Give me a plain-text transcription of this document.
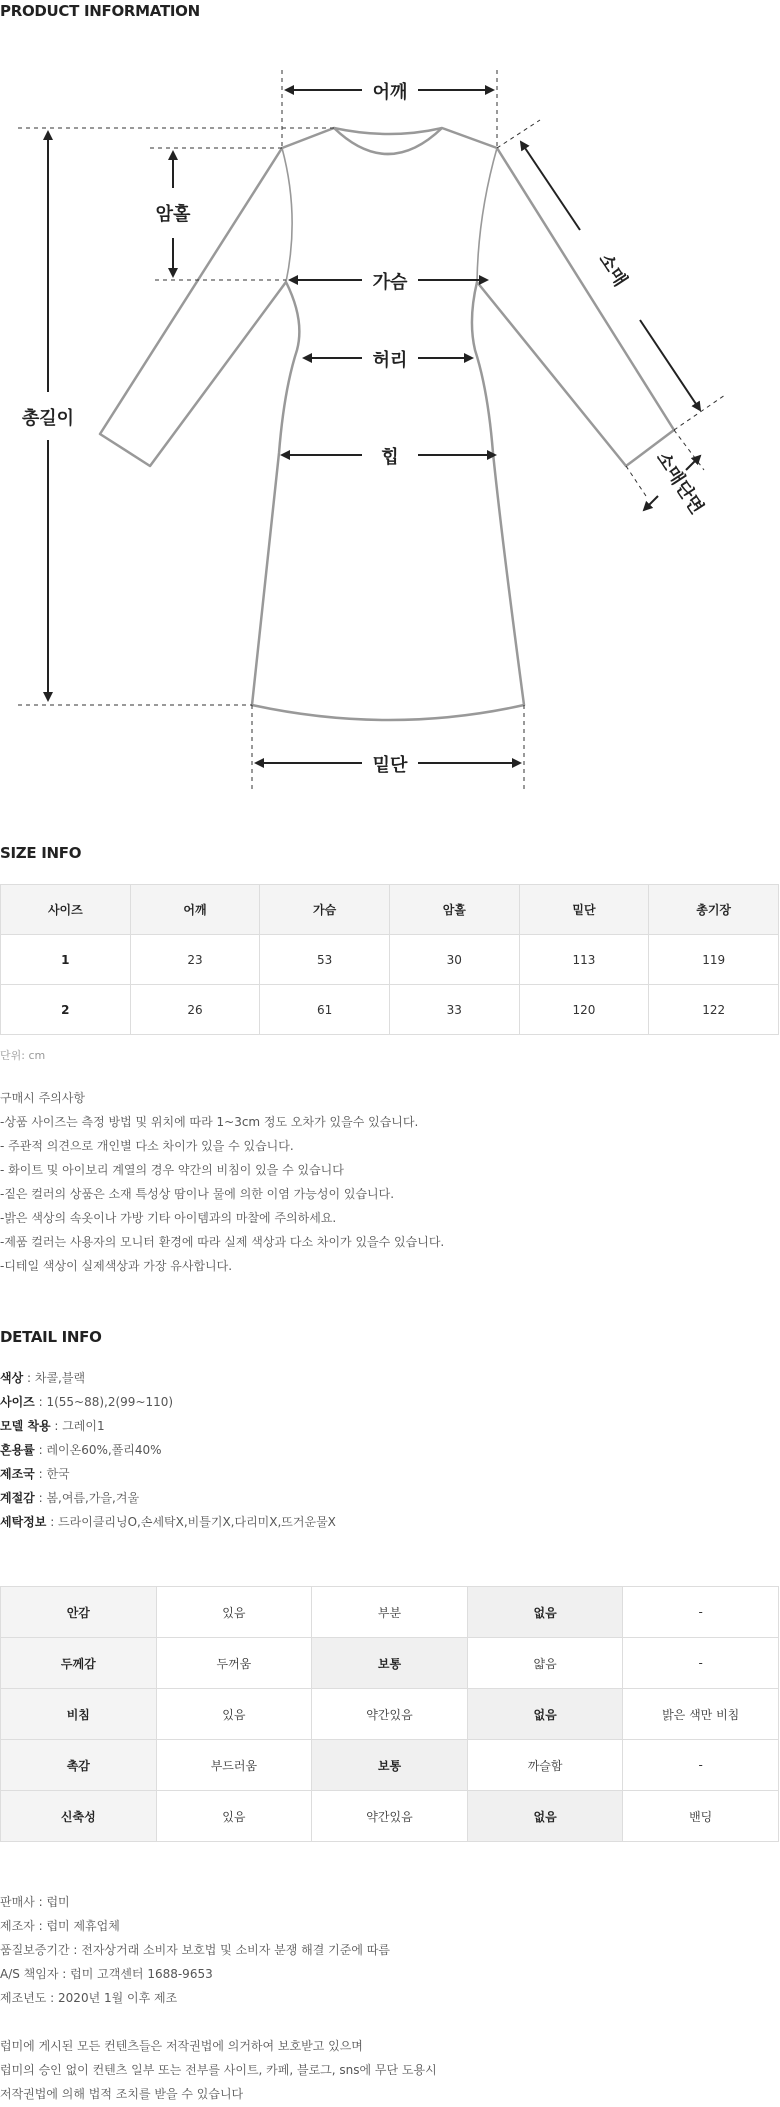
PRODUCT INFORMATION
어깨
암홀
가슴
허리
힙
총길이
소매
소매단면
밑단
SIZE INFO
사이즈	어깨	가슴	암홀	밑단	총기장
1	23	53	30	113	119
2	26	61	33	120	122
단위: cm
구매시 주의사항
-상품 사이즈는 측정 방법 및 위치에 따라 1~3cm 정도 오차가 있을수 있습니다.
- 주관적 의견으로 개인별 다소 차이가 있을 수 있습니다.
- 화이트 및 아이보리 계열의 경우 약간의 비침이 있을 수 있습니다
-짙은 컬러의 상품은 소재 특성상 땀이나 물에 의한 이염 가능성이 있습니다.
-밝은 색상의 속옷이나 가방 기타 아이템과의 마찰에 주의하세요.
-제품 컬러는 사용자의 모니터 환경에 따라 실제 색상과 다소 차이가 있을수 있습니다.
-디테일 색상이 실제색상과 가장 유사합니다.
DETAIL INFO
색상 : 차콜,블랙
사이즈 : 1(55~88),2(99~110)
모델 착용 : 그레이1
혼용률 : 레이온60%,폴리40%
제조국 : 한국
계절감 : 봄,여름,가을,겨울
세탁정보 : 드라이클리닝O,손세탁X,비틀기X,다리미X,뜨거운물X
안감	있음	부분	없음	-
두께감	두꺼움	보통	얇음	-
비침	있음	약간있음	없음	밝은 색만 비침
촉감	부드러움	보통	까슬함	-
신축성	있음	약간있음	없음	밴딩
판매사 : 럽미
제조자 : 럽미 제휴업체
품질보증기간 : 전자상거래 소비자 보호법 및 소비자 분쟁 해결 기준에 따름
A/S 책임자 : 럽미 고객센터 1688-9653
제조년도 : 2020년 1월 이후 제조
럽미에 게시된 모든 컨텐츠들은 저작권법에 의거하여 보호받고 있으며
럽미의 승인 없이 컨텐츠 일부 또는 전부를 사이트, 카페, 블로그, sns에 무단 도용시
저작권법에 의해 법적 조치를 받을 수 있습니다
